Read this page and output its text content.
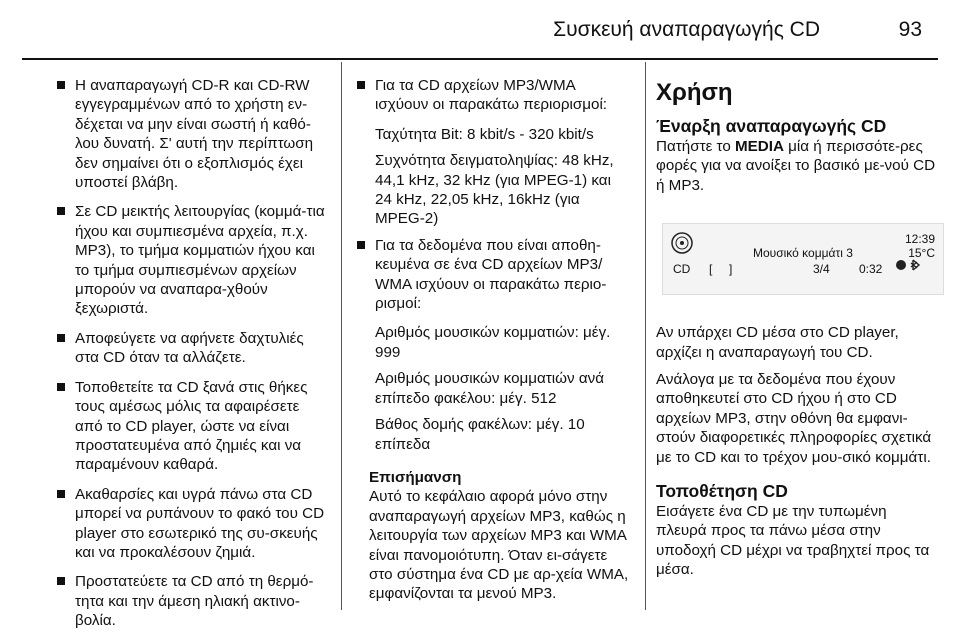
Συσκευή αναπαραγωγής CD	93
Η αναπαραγωγή CD-R και CD-RW εγγεγραμμένων από το χρήστη εν-δέχεται να μην είναι σωστή ή καθό-λου δυνατή. Σ' αυτή την περίπτωση δεν σημαίνει ότι ο εξοπλισμός έχει υποστεί βλάβη.
Σε CD μεικτής λειτουργίας (κομμά-τια ήχου και συμπιεσμένα αρχεία, π.χ. MP3), το τμήμα κομματιών ήχου και το τμήμα συμπιεσμένων αρχείων μπορούν να αναπαρα-χθούν ξεχωριστά.
Αποφεύγετε να αφήνετε δαχτυλιές στα CD όταν τα αλλάζετε.
Τοποθετείτε τα CD ξανά στις θήκες τους αμέσως μόλις τα αφαιρέσετε από το CD player, ώστε να είναι προστατευμένα από ζημιές και να παραμένουν καθαρά.
Ακαθαρσίες και υγρά πάνω στα CD μπορεί να ρυπάνουν το φακό του CD player στο εσωτερικό της συ-σκευής και να προκαλέσουν ζημιά.
Προστατεύετε τα CD από τη θερμό-τητα και την άμεση ηλιακή ακτινο-βολία.
Για τα CD αρχείων MP3/WMA ισχύουν οι παρακάτω περιορισμοί:

Ταχύτητα Bit: 8 kbit/s - 320 kbit/s

Συχνότητα δειγματοληψίας: 48 kHz, 44,1 kHz, 32 kHz (για MPEG-1) και 24 kHz, 22,05 kHz, 16kHz (για MPEG-2)

Για τα δεδομένα που είναι αποθη-κευμένα σε ένα CD αρχείων MP3/ WMA ισχύουν οι παρακάτω περιο-ρισμοί:

Αριθμός μουσικών κομματιών: μέγ. 999

Αριθμός μουσικών κομματιών ανά επίπεδο φακέλου: μέγ. 512

Βάθος δομής φακέλων: μέγ. 10 επίπεδα

Επισήμανση

Αυτό το κεφάλαιο αφορά μόνο στην αναπαραγωγή αρχείων MP3, καθώς η λειτουργία των αρχείων MP3 και WMA είναι πανομοιότυπη. Όταν ει-σάγετε στο σύστημα ένα CD με αρ-χεία WMA, εμφανίζονται τα μενού MP3.

Χρήση
Έναρξη αναπαραγωγής CD

Πατήστε το MEDIA μία ή περισσότε-ρες φορές για να ανοίξει το βασικό με-νού CD ή MP3.

Μουσικό κομμάτι 3
12:39
15°C
CD [ ]	3/4 0:32

Αν υπάρχει CD μέσα στο CD player, αρχίζει η αναπαραγωγή του CD.

Ανάλογα με τα δεδομένα που έχουν αποθηκευτεί στο CD ήχου ή στο CD αρχείων MP3, στην οθόνη θα εμφανι-στούν διαφορετικές πληροφορίες σχετικά με το CD και το τρέχον μου-σικό κομμάτι.

Τοποθέτηση CD

Εισάγετε ένα CD με την τυπωμένη πλευρά προς τα πάνω μέσα στην υποδοχή CD μέχρι να τραβηχτεί προς τα μέσα.
